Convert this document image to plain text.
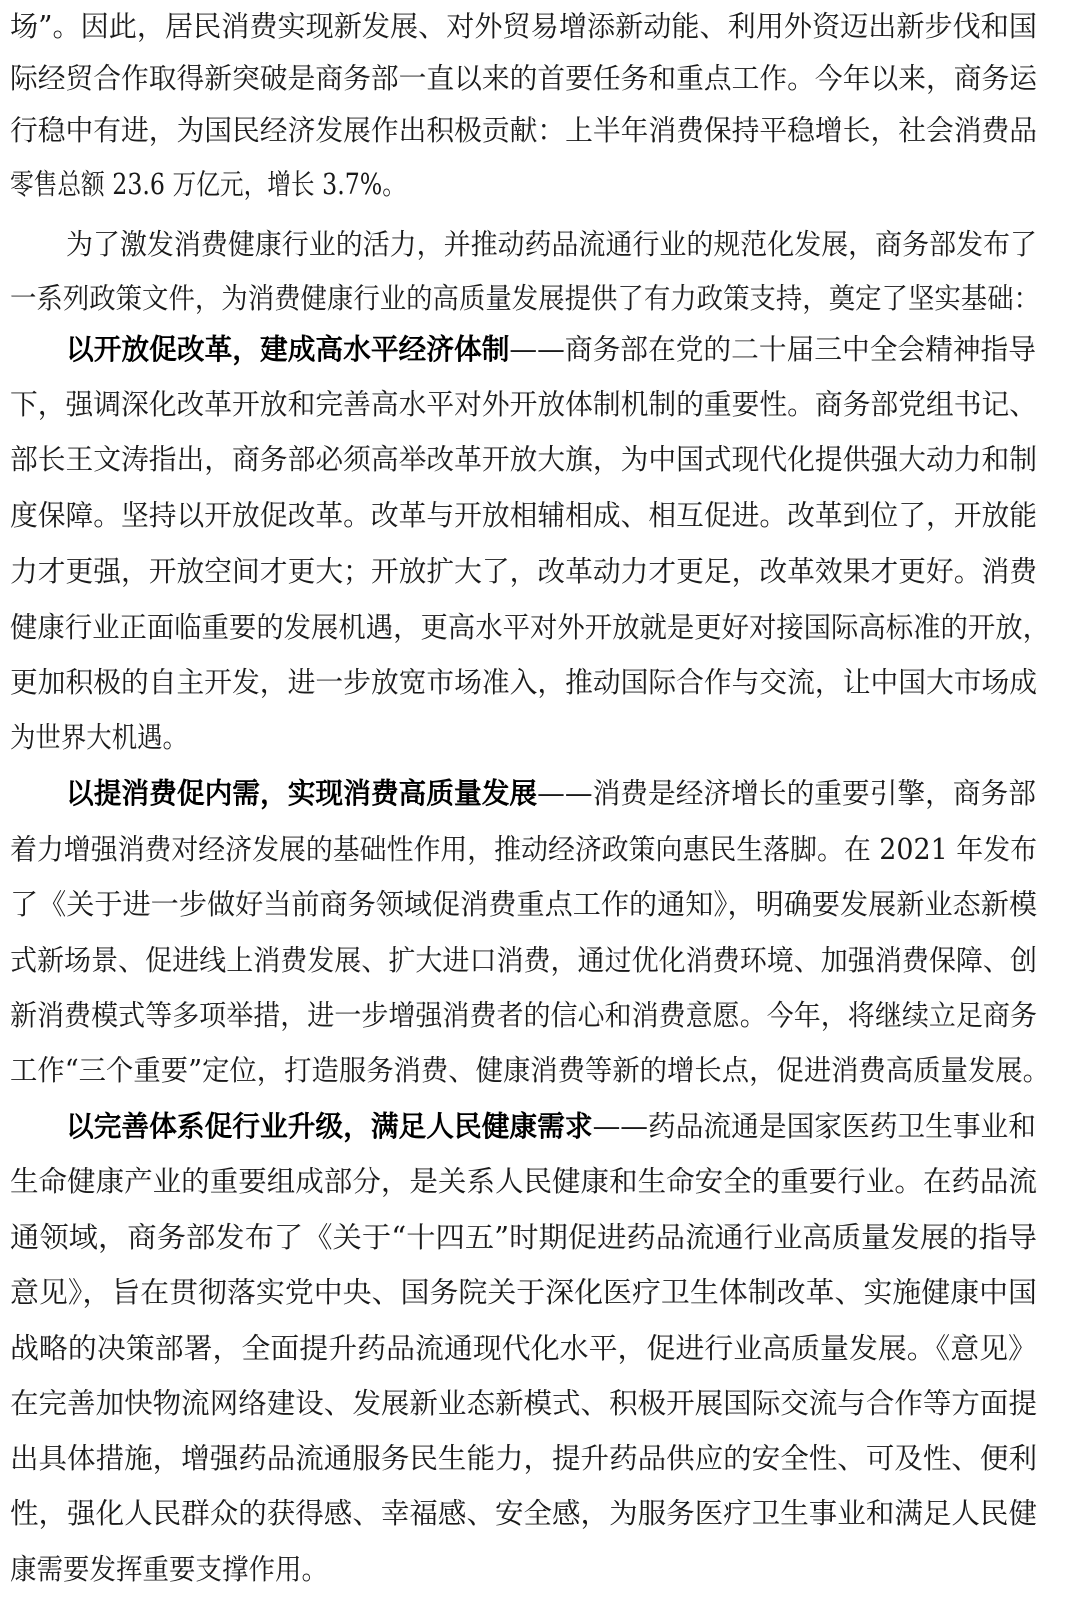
场”。因此，居民消费实现新发展、对外贸易增添新动能、利用外资迈出新步伐和国
际经贸合作取得新突破是商务部一直以来的首要任务和重点工作。今年以来，商务运
行稳中有进，为国民经济发展作出积极贡献：上半年消费保持平稳增长，社会消费品
零售总额 23.6 万亿元，增长 3.7%。
为了激发消费健康行业的活力，并推动药品流通行业的规范化发展，商务部发布了
一系列政策文件，为消费健康行业的高质量发展提供了有力政策支持，奠定了坚实基础：
以开放促改革，建成高水平经济体制——商务部在党的二十届三中全会精神指导
下，强调深化改革开放和完善高水平对外开放体制机制的重要性。商务部党组书记、
部长王文涛指出，商务部必须高举改革开放大旗，为中国式现代化提供强大动力和制
度保障。坚持以开放促改革。改革与开放相辅相成、相互促进。改革到位了，开放能
力才更强，开放空间才更大；开放扩大了，改革动力才更足，改革效果才更好。消费
健康行业正面临重要的发展机遇，更高水平对外开放就是更好对接国际高标准的开放，
更加积极的自主开发，进一步放宽市场准入，推动国际合作与交流，让中国大市场成
为世界大机遇。
以提消费促内需，实现消费高质量发展——消费是经济增长的重要引擎，商务部
着力增强消费对经济发展的基础性作用，推动经济政策向惠民生落脚。在 2021 年发布
了《关于进一步做好当前商务领域促消费重点工作的通知》，明确要发展新业态新模
式新场景、促进线上消费发展、扩大进口消费，通过优化消费环境、加强消费保障、创
新消费模式等多项举措，进一步增强消费者的信心和消费意愿。今年，将继续立足商务
工作“三个重要”定位，打造服务消费、健康消费等新的增长点，促进消费高质量发展。
以完善体系促行业升级，满足人民健康需求——药品流通是国家医药卫生事业和
生命健康产业的重要组成部分，是关系人民健康和生命安全的重要行业。在药品流
通领域，商务部发布了《关于“十四五”时期促进药品流通行业高质量发展的指导
意见》，旨在贯彻落实党中央、国务院关于深化医疗卫生体制改革、实施健康中国
战略的决策部署，全面提升药品流通现代化水平，促进行业高质量发展。《意见》
在完善加快物流网络建设、发展新业态新模式、积极开展国际交流与合作等方面提
出具体措施，增强药品流通服务民生能力，提升药品供应的安全性、可及性、便利
性，强化人民群众的获得感、幸福感、安全感，为服务医疗卫生事业和满足人民健
康需要发挥重要支撑作用。
